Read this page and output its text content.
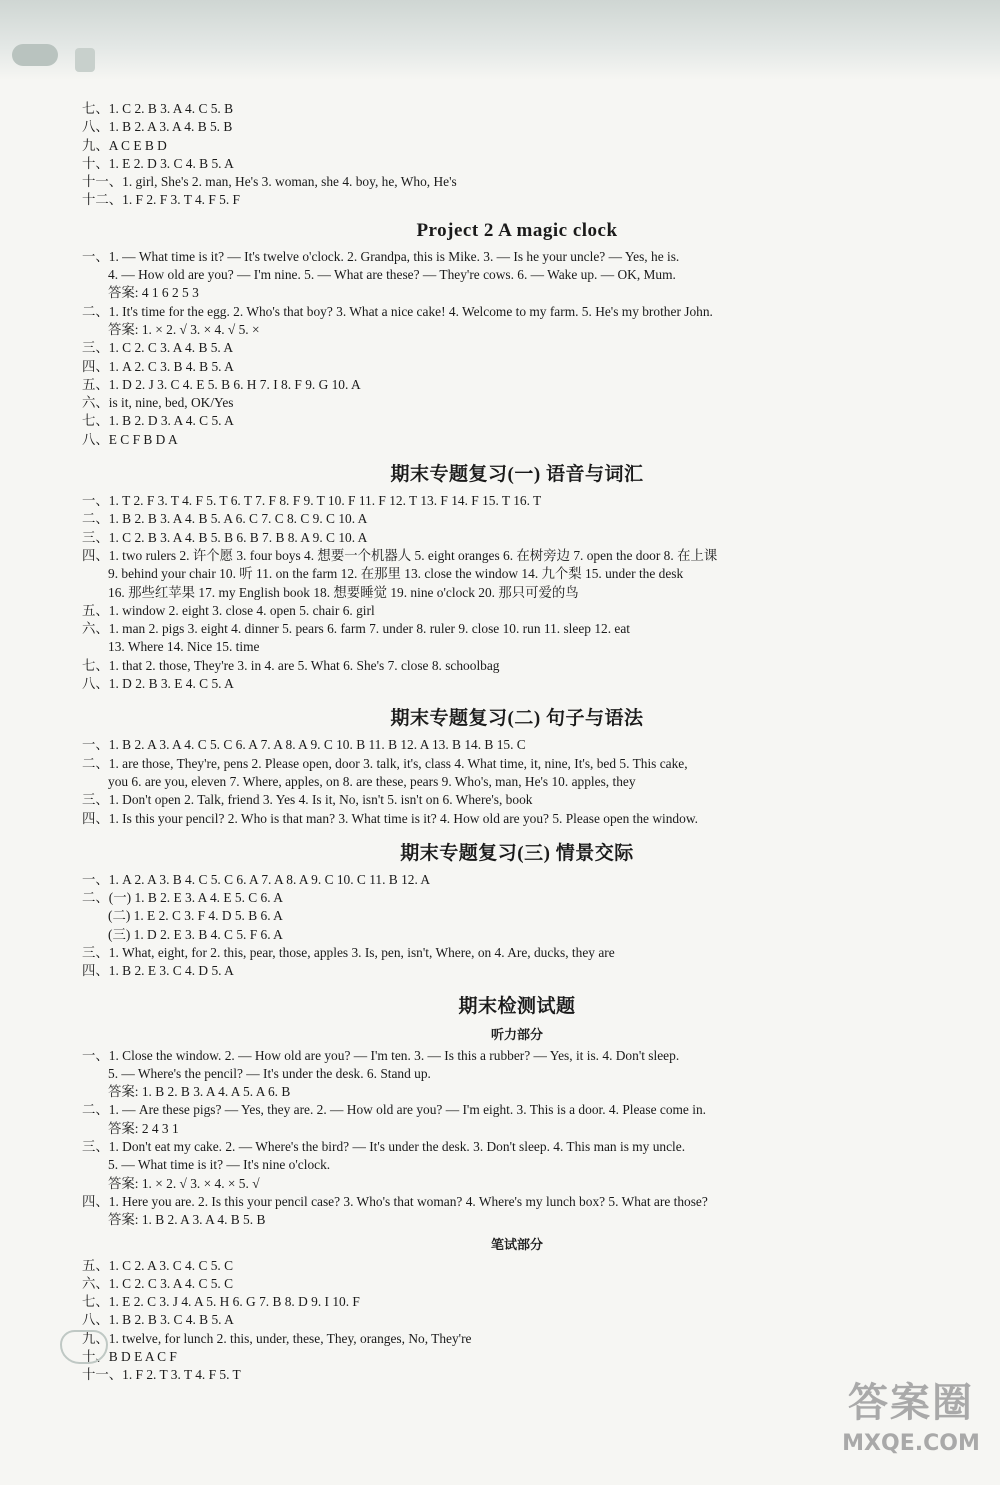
七、1. C 2. B 3. A 4. C 5. B
八、1. B 2. A 3. A 4. B 5. B
九、A C E B D
十、1. E 2. D 3. C 4. B 5. A
十一、1. girl, She's 2. man, He's 3. woman, she 4. boy, he, Who, He's
十二、1. F 2. F 3. T 4. F 5. F
Project 2 A magic clock
一、1. — What time is it? — It's twelve o'clock. 2. Grandpa, this is Mike. 3. — Is he your uncle? — Yes, he is.
4. — How old are you? — I'm nine. 5. — What are these? — They're cows. 6. — Wake up. — OK, Mum.
答案: 4 1 6 2 5 3
二、1. It's time for the egg. 2. Who's that boy? 3. What a nice cake! 4. Welcome to my farm. 5. He's my brother John.
答案: 1. × 2. √ 3. × 4. √ 5. ×
三、1. C 2. C 3. A 4. B 5. A
四、1. A 2. C 3. B 4. B 5. A
五、1. D 2. J 3. C 4. E 5. B 6. H 7. I 8. F 9. G 10. A
六、is it, nine, bed, OK/Yes
七、1. B 2. D 3. A 4. C 5. A
八、E C F B D A
期末专题复习(一) 语音与词汇
一、1. T 2. F 3. T 4. F 5. T 6. T 7. F 8. F 9. T 10. F 11. F 12. T 13. F 14. F 15. T 16. T
二、1. B 2. B 3. A 4. B 5. A 6. C 7. C 8. C 9. C 10. A
三、1. C 2. B 3. A 4. B 5. B 6. B 7. B 8. A 9. C 10. A
四、1. two rulers 2. 许个愿 3. four boys 4. 想要一个机器人 5. eight oranges 6. 在树旁边 7. open the door 8. 在上课
9. behind your chair 10. 听 11. on the farm 12. 在那里 13. close the window 14. 九个梨 15. under the desk
16. 那些红苹果 17. my English book 18. 想要睡觉 19. nine o'clock 20. 那只可爱的鸟
五、1. window 2. eight 3. close 4. open 5. chair 6. girl
六、1. man 2. pigs 3. eight 4. dinner 5. pears 6. farm 7. under 8. ruler 9. close 10. run 11. sleep 12. eat
13. Where 14. Nice 15. time
七、1. that 2. those, They're 3. in 4. are 5. What 6. She's 7. close 8. schoolbag
八、1. D 2. B 3. E 4. C 5. A
期末专题复习(二) 句子与语法
一、1. B 2. A 3. A 4. C 5. C 6. A 7. A 8. A 9. C 10. B 11. B 12. A 13. B 14. B 15. C
二、1. are those, They're, pens 2. Please open, door 3. talk, it's, class 4. What time, it, nine, It's, bed 5. This cake,
you 6. are you, eleven 7. Where, apples, on 8. are these, pears 9. Who's, man, He's 10. apples, they
三、1. Don't open 2. Talk, friend 3. Yes 4. Is it, No, isn't 5. isn't on 6. Where's, book
四、1. Is this your pencil? 2. Who is that man? 3. What time is it? 4. How old are you? 5. Please open the window.
期末专题复习(三) 情景交际
一、1. A 2. A 3. B 4. C 5. C 6. A 7. A 8. A 9. C 10. C 11. B 12. A
二、(一) 1. B 2. E 3. A 4. E 5. C 6. A
(二) 1. E 2. C 3. F 4. D 5. B 6. A
(三) 1. D 2. E 3. B 4. C 5. F 6. A
三、1. What, eight, for 2. this, pear, those, apples 3. Is, pen, isn't, Where, on 4. Are, ducks, they are
四、1. B 2. E 3. C 4. D 5. A
期末检测试题
听力部分
一、1. Close the window. 2. — How old are you? — I'm ten. 3. — Is this a rubber? — Yes, it is. 4. Don't sleep.
5. — Where's the pencil? — It's under the desk. 6. Stand up.
答案: 1. B 2. B 3. A 4. A 5. A 6. B
二、1. — Are these pigs? — Yes, they are. 2. — How old are you? — I'm eight. 3. This is a door. 4. Please come in.
答案: 2 4 3 1
三、1. Don't eat my cake. 2. — Where's the bird? — It's under the desk. 3. Don't sleep. 4. This man is my uncle.
5. — What time is it? — It's nine o'clock.
答案: 1. × 2. √ 3. × 4. × 5. √
四、1. Here you are. 2. Is this your pencil case? 3. Who's that woman? 4. Where's my lunch box? 5. What are those?
答案: 1. B 2. A 3. A 4. B 5. B
笔试部分
五、1. C 2. A 3. C 4. C 5. C
六、1. C 2. C 3. A 4. C 5. C
七、1. E 2. C 3. J 4. A 5. H 6. G 7. B 8. D 9. I 10. F
八、1. B 2. B 3. C 4. B 5. A
九、1. twelve, for lunch 2. this, under, these, They, oranges, No, They're
十、B D E A C F
十一、1. F 2. T 3. T 4. F 5. T
答案圈
MXQE.COM
